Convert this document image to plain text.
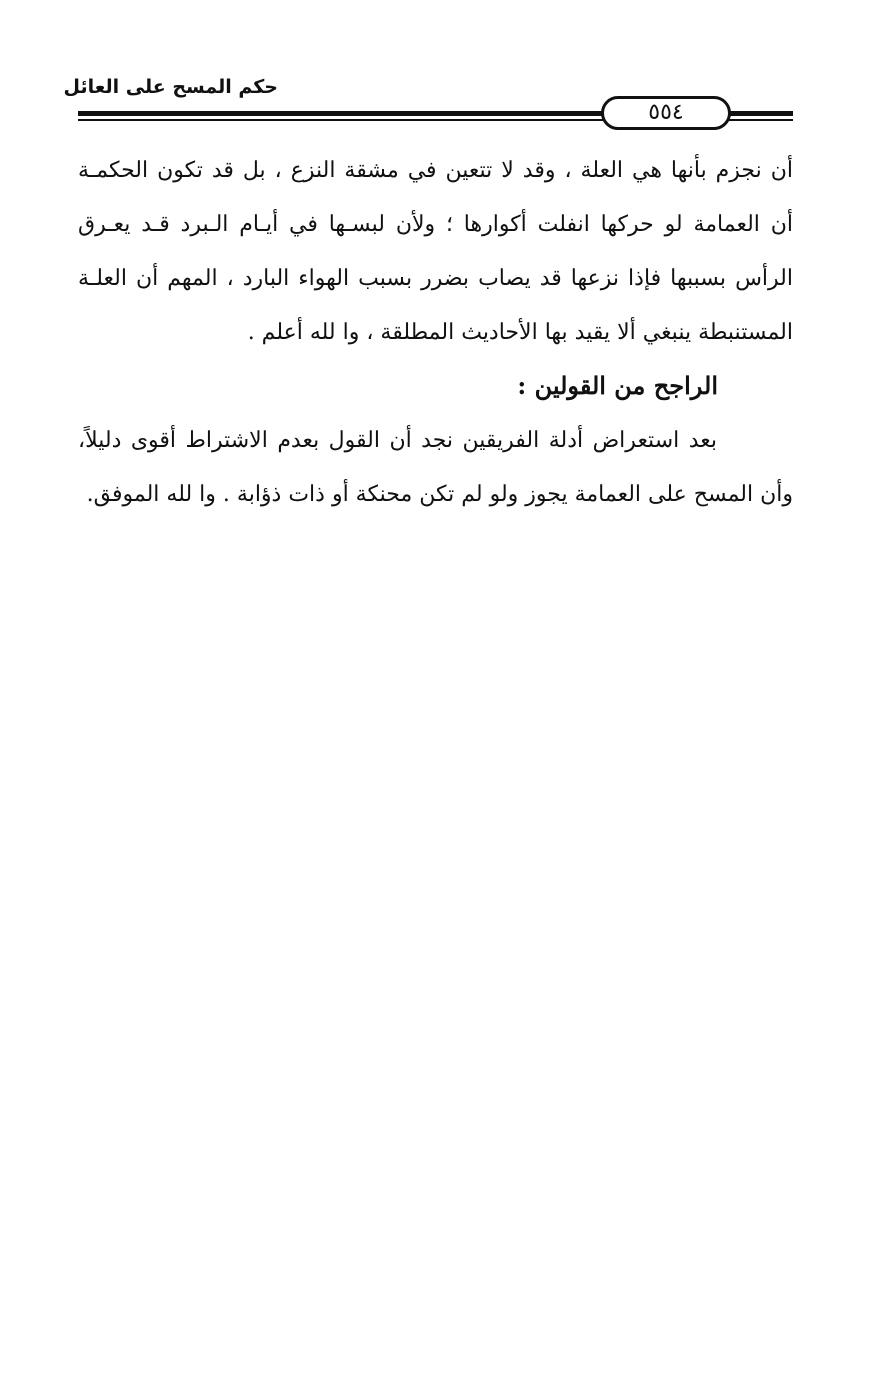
حكم المسح على العائل
٥٥٤
أن نجزم بأنها هي العلة ، وقد لا تتعين في مشقة النزع ، بل قد تكون الحكمـة
أن العمامة لو حركها انفلت أكوارها ؛ ولأن لبسـها في أيـام الـبرد قـد يعـرق
الرأس بسببها فإذا نزعها قد يصاب بضرر بسبب الهواء البارد ، المهم أن العلـة
المستنبطة ينبغي ألا يقيد بها الأحاديث المطلقة ، وا لله أعلم .
الراجح من القولين :
بعد استعراض أدلة الفريقين نجد أن القول بعدم الاشتراط أقوى دليلاً،
وأن المسح على العمامة يجوز ولو لم تكن محنكة أو ذات ذؤابة . وا لله الموفق.
